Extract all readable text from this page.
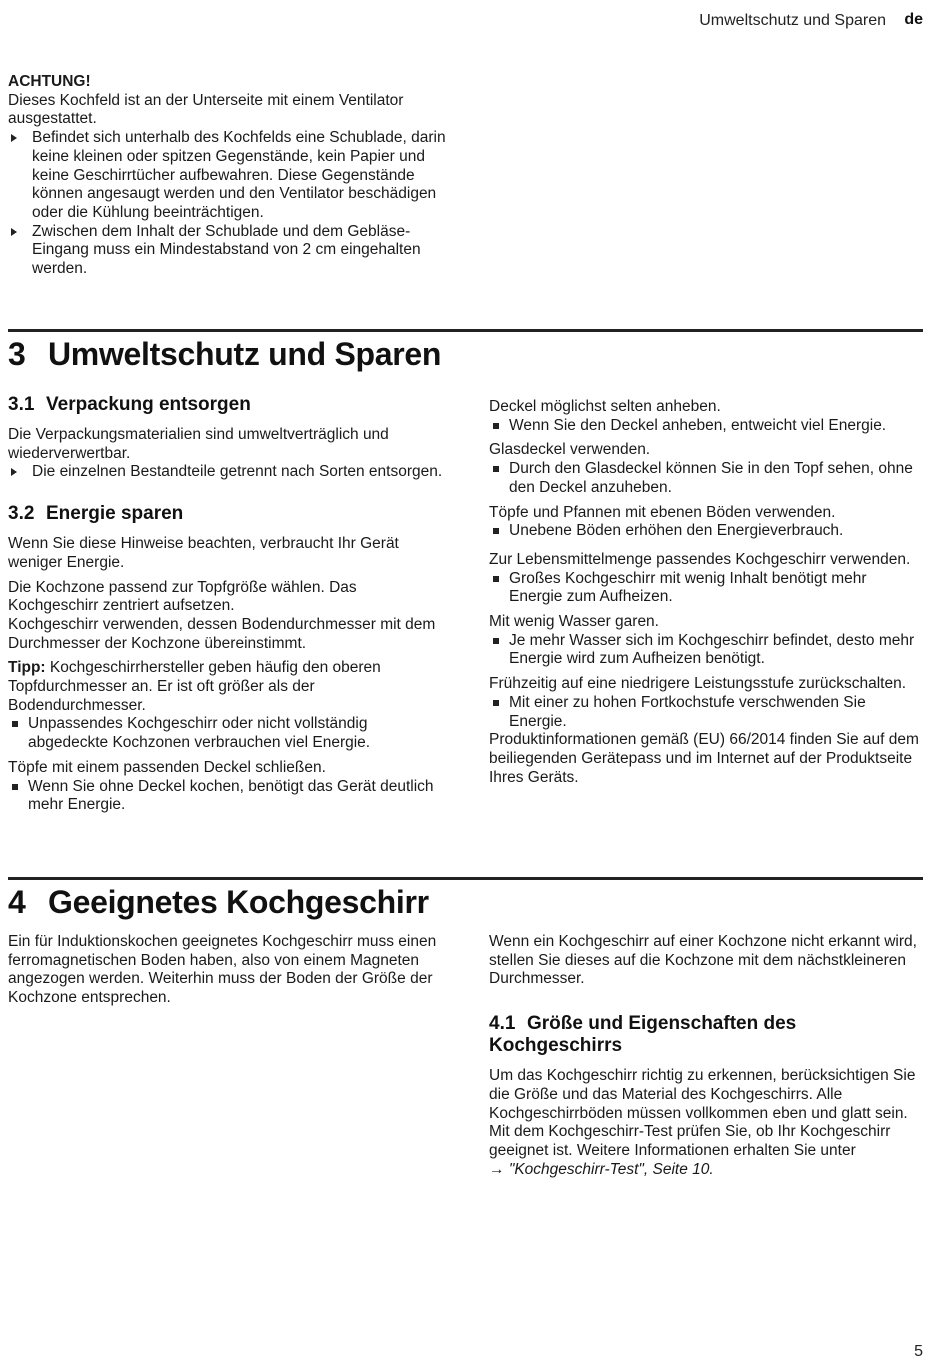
Umweltschutz und Sparen de

ACHTUNG!

Dieses Kochfeld ist an der Unterseite mit einem Ventilator ausgestattet.

Befindet sich unterhalb des Kochfelds eine Schublade, darin keine kleinen oder spitzen Gegenstände, kein Papier und keine Geschirrtücher aufbewahren. Diese Gegenstände können angesaugt werden und den Ventilator beschädigen oder die Kühlung beeinträchtigen.

Zwischen dem Inhalt der Schublade und dem Gebläse-Eingang muss ein Mindestabstand von 2 cm eingehalten werden.

3 Umweltschutz und Sparen

3.1 Verpackung entsorgen

Die Verpackungsmaterialien sind umweltverträglich und wiederverwertbar.

Die einzelnen Bestandteile getrennt nach Sorten entsorgen.

3.2 Energie sparen

Wenn Sie diese Hinweise beachten, verbraucht Ihr Gerät weniger Energie.

Die Kochzone passend zur Topfgröße wählen. Das Kochgeschirr zentriert aufsetzen.

Kochgeschirr verwenden, dessen Bodendurchmesser mit dem Durchmesser der Kochzone übereinstimmt.

Tipp: Kochgeschirrhersteller geben häufig den oberen Topfdurchmesser an. Er ist oft größer als der Bodendurchmesser.

Unpassendes Kochgeschirr oder nicht vollständig abgedeckte Kochzonen verbrauchen viel Energie.

Töpfe mit einem passenden Deckel schließen.

Wenn Sie ohne Deckel kochen, benötigt das Gerät deutlich mehr Energie.

Deckel möglichst selten anheben.

Wenn Sie den Deckel anheben, entweicht viel Energie.

Glasdeckel verwenden.

Durch den Glasdeckel können Sie in den Topf sehen, ohne den Deckel anzuheben.

Töpfe und Pfannen mit ebenen Böden verwenden.

Unebene Böden erhöhen den Energieverbrauch.

Zur Lebensmittelmenge passendes Kochgeschirr verwenden.

Großes Kochgeschirr mit wenig Inhalt benötigt mehr Energie zum Aufheizen.

Mit wenig Wasser garen.

Je mehr Wasser sich im Kochgeschirr befindet, desto mehr Energie wird zum Aufheizen benötigt.

Frühzeitig auf eine niedrigere Leistungsstufe zurückschalten.

Mit einer zu hohen Fortkochstufe verschwenden Sie Energie.

Produktinformationen gemäß (EU) 66/2014 finden Sie auf dem beiliegenden Gerätepass und im Internet auf der Produktseite Ihres Geräts.

4 Geeignetes Kochgeschirr

Ein für Induktionskochen geeignetes Kochgeschirr muss einen ferromagnetischen Boden haben, also von einem Magneten angezogen werden. Weiterhin muss der Boden der Größe der Kochzone entsprechen.

Wenn ein Kochgeschirr auf einer Kochzone nicht erkannt wird, stellen Sie dieses auf die Kochzone mit dem nächstkleineren Durchmesser.

4.1 Größe und Eigenschaften des Kochgeschirrs

Um das Kochgeschirr richtig zu erkennen, berücksichtigen Sie die Größe und das Material des Kochgeschirrs. Alle Kochgeschirrböden müssen vollkommen eben und glatt sein.

Mit dem Kochgeschirr-Test prüfen Sie, ob Ihr Kochgeschirr geeignet ist. Weitere Informationen erhalten Sie unter

→ "Kochgeschirr-Test", Seite 10.

5
